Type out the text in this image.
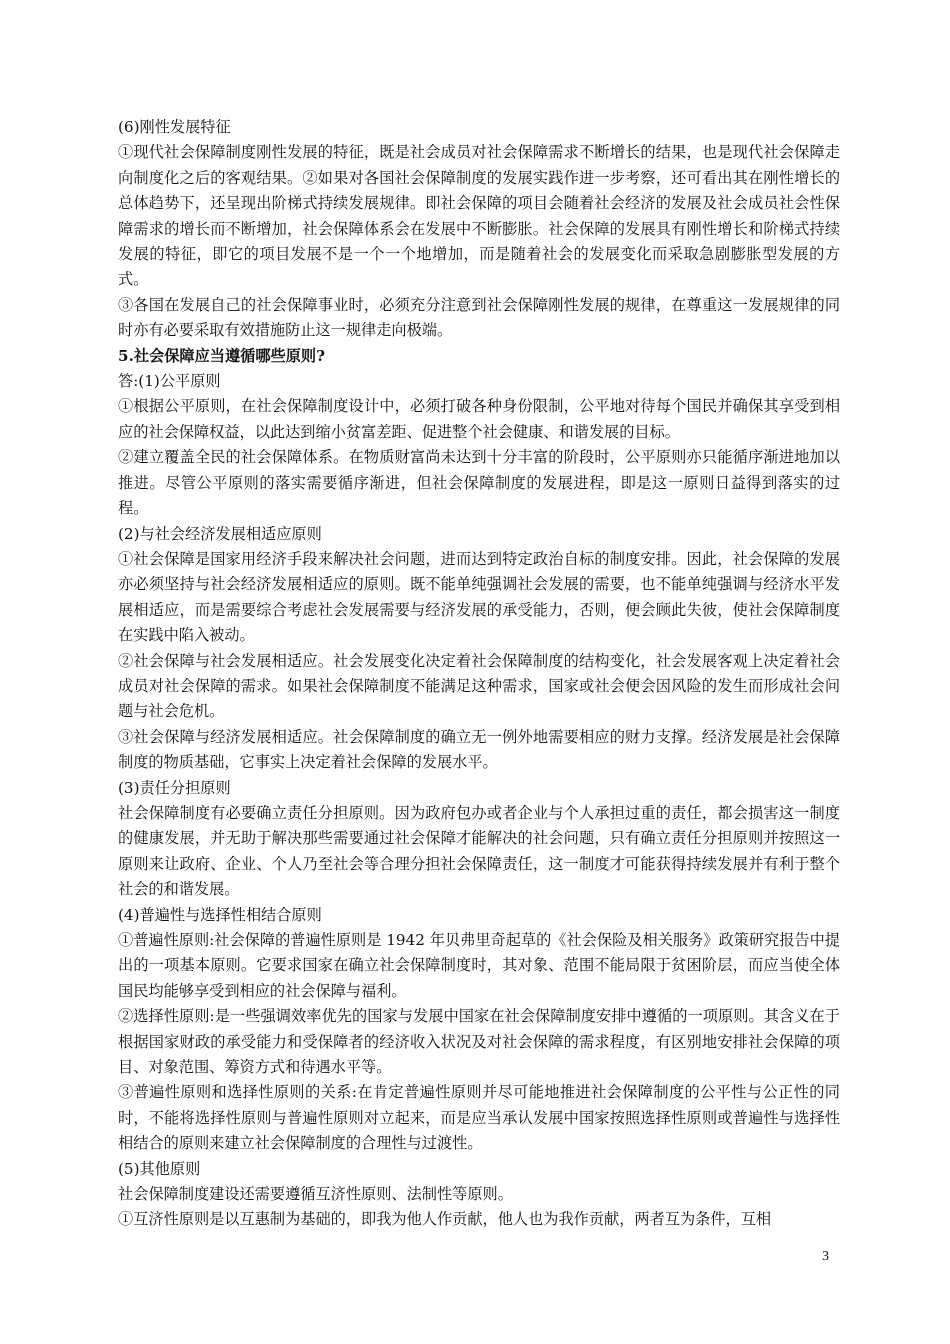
(6)刚性发展特征

①现代社会保障制度刚性发展的特征，既是社会成员对社会保障需求不断增长的结果，也是现代社会保障走向制度化之后的客观结果。②如果对各国社会保障制度的发展实践作进一步考察，还可看出其在刚性增长的总体趋势下，还呈现出阶梯式持续发展规律。即社会保障的项目会随着社会经济的发展及社会成员社会性保障需求的增长而不断增加，社会保障体系会在发展中不断膨胀。社会保障的发展具有刚性增长和阶梯式持续发展的特征，即它的项目发展不是一个一个地增加，而是随着社会的发展变化而采取急剧膨胀型发展的方式。

③各国在发展自己的社会保障事业时，必须充分注意到社会保障刚性发展的规律，在尊重这一发展规律的同时亦有必要采取有效措施防止这一规律走向极端。

5.社会保障应当遵循哪些原则?

答:(1)公平原则

①根据公平原则，在社会保障制度设计中，必须打破各种身份限制，公平地对待每个国民并确保其享受到相应的社会保障权益，以此达到缩小贫富差距、促进整个社会健康、和谐发展的目标。

②建立覆盖全民的社会保障体系。在物质财富尚未达到十分丰富的阶段时，公平原则亦只能循序渐进地加以推进。尽管公平原则的落实需要循序渐进，但社会保障制度的发展进程，即是这一原则日益得到落实的过程。

(2)与社会经济发展相适应原则

①社会保障是国家用经济手段来解决社会问题，进而达到特定政治自标的制度安排。因此，社会保障的发展亦必须坚持与社会经济发展相适应的原则。既不能单纯强调社会发展的需要，也不能单纯强调与经济水平发展相适应，而是需要综合考虑社会发展需要与经济发展的承受能力，否则，便会顾此失彼，使社会保障制度在实践中陷入被动。

②社会保障与社会发展相适应。社会发展变化决定着社会保障制度的结构变化，社会发展客观上决定着社会成员对社会保障的需求。如果社会保障制度不能满足这种需求，国家或社会便会因风险的发生而形成社会问题与社会危机。

③社会保障与经济发展相适应。社会保障制度的确立无一例外地需要相应的财力支撑。经济发展是社会保障制度的物质基础，它事实上决定着社会保障的发展水平。

(3)责任分担原则

社会保障制度有必要确立责任分担原则。因为政府包办或者企业与个人承担过重的责任，都会损害这一制度的健康发展，并无助于解决那些需要通过社会保障才能解决的社会问题，只有确立责任分担原则并按照这一原则来让政府、企业、个人乃至社会等合理分担社会保障责任，这一制度才可能获得持续发展并有利于整个社会的和谐发展。

(4)普遍性与选择性相结合原则

①普遍性原则:社会保障的普遍性原则是 1942 年贝弗里奇起草的《社会保险及相关服务》政策研究报告中提出的一项基本原则。它要求国家在确立社会保障制度时，其对象、范围不能局限于贫困阶层，而应当使全体国民均能够享受到相应的社会保障与福利。

②选择性原则:是一些强调效率优先的国家与发展中国家在社会保障制度安排中遵循的一项原则。其含义在于根据国家财政的承受能力和受保障者的经济收入状况及对社会保障的需求程度，有区别地安排社会保障的项目、对象范围、筹资方式和待遇水平等。

③普遍性原则和选择性原则的关系:在肯定普遍性原则并尽可能地推进社会保障制度的公平性与公正性的同时，不能将选择性原则与普遍性原则对立起来，而是应当承认发展中国家按照选择性原则或普遍性与选择性相结合的原则来建立社会保障制度的合理性与过渡性。

(5)其他原则

社会保障制度建设还需要遵循互济性原则、法制性等原则。

①互济性原则是以互惠制为基础的，即我为他人作贡献，他人也为我作贡献，两者互为条件，互相

3
